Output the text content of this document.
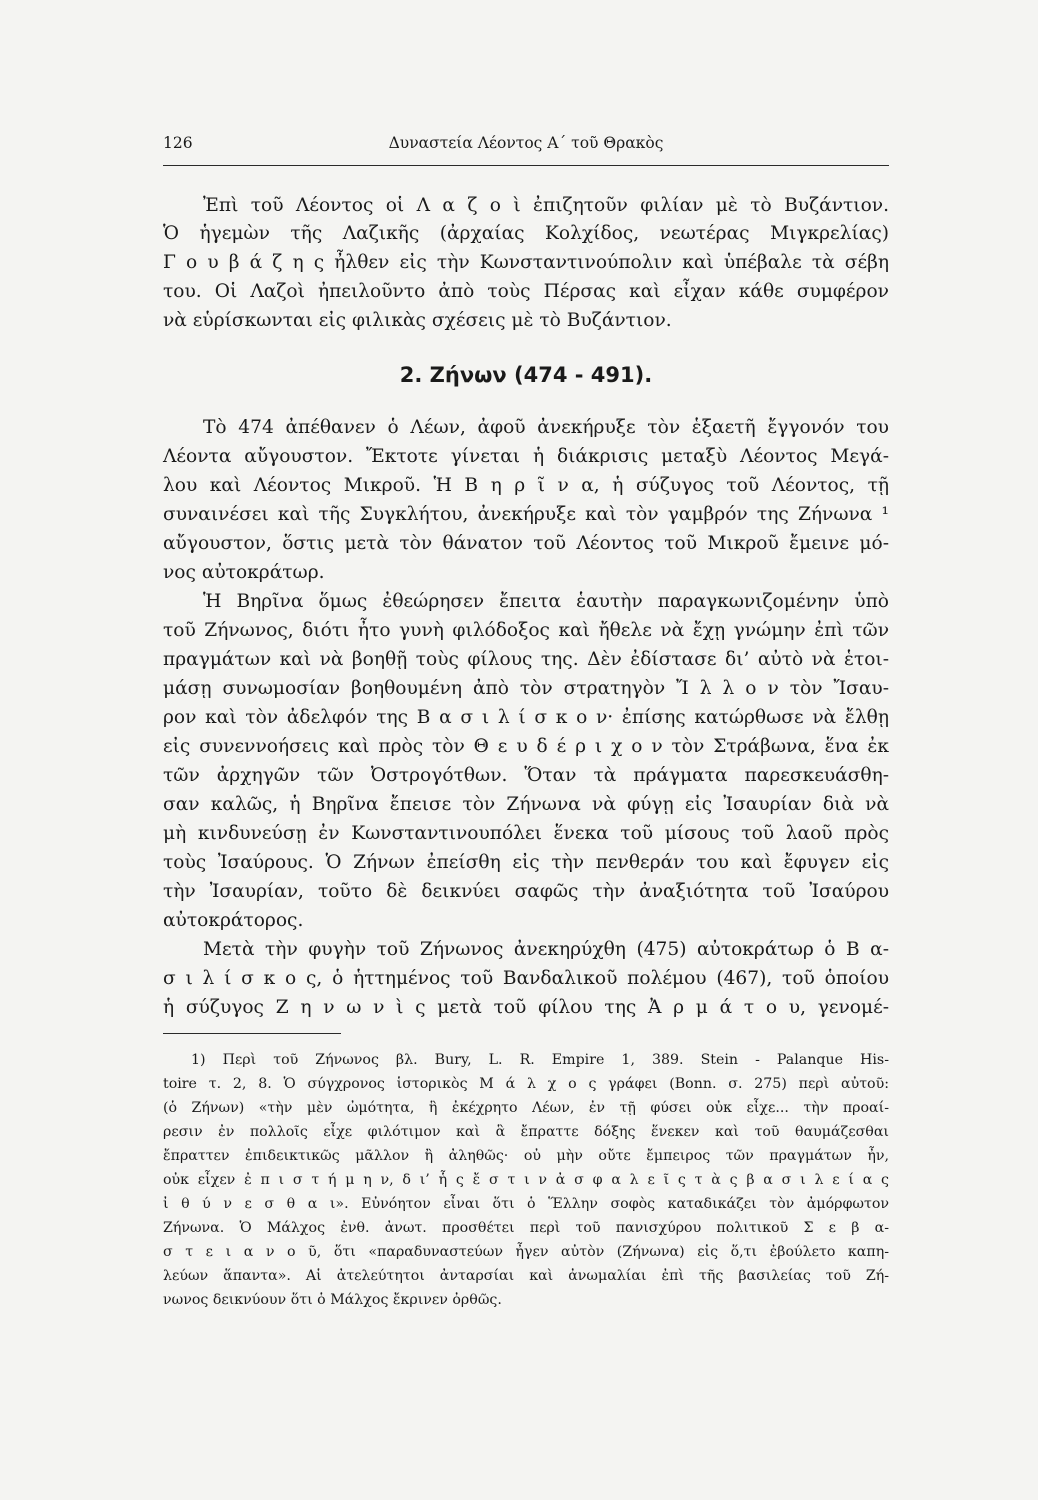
126	Δυναστεία Λέοντος Α΄ τοῦ Θρακὸς
Ἐπὶ τοῦ Λέοντος οἱ Λ α ζ ο ὶ ἐπιζητοῦν φιλίαν μὲ τὸ Βυζάντιον.
Ὁ ἡγεμὼν τῆς Λαζικῆς (ἀρχαίας Κολχίδος, νεωτέρας Μιγκρελίας)
Γ ο υ β ά ζ η ς ἦλθεν εἰς τὴν Κωνσταντινούπολιν καὶ ὑπέβαλε τὰ σέβη
του. Οἱ Λαζοὶ ἠπειλοῦντο ἀπὸ τοὺς Πέρσας καὶ εἶχαν κάθε συμφέρον
νὰ εὑρίσκωνται εἰς φιλικὰς σχέσεις μὲ τὸ Βυζάντιον.
2. Ζήνων (474 - 491).
Τὸ 474 ἀπέθανεν ὁ Λέων, ἀφοῦ ἀνεκήρυξε τὸν ἑξαετῆ ἔγγονόν του
Λέοντα αὔγουστον. Ἔκτοτε γίνεται ἡ διάκρισις μεταξὺ Λέοντος Μεγά-
λου καὶ Λέοντος Μικροῦ. Ἡ Β η ρ ῖ ν α, ἡ σύζυγος τοῦ Λέοντος, τῇ
συναινέσει καὶ τῆς Συγκλήτου, ἀνεκήρυξε καὶ τὸν γαμβρόν της Ζήνωνα ¹
αὔγουστον, ὅστις μετὰ τὸν θάνατον τοῦ Λέοντος τοῦ Μικροῦ ἔμεινε μό-
νος αὐτοκράτωρ.
Ἡ Βηρῖνα ὅμως ἐθεώρησεν ἔπειτα ἑαυτὴν παραγκωνιζομένην ὑπὸ
τοῦ Ζήνωνος, διότι ἦτο γυνὴ φιλόδοξος καὶ ἤθελε νὰ ἔχῃ γνώμην ἐπὶ τῶν
πραγμάτων καὶ νὰ βοηθῇ τοὺς φίλους της. Δὲν ἐδίστασε δι’ αὐτὸ νὰ ἑτοι-
μάσῃ συνωμοσίαν βοηθουμένη ἀπὸ τὸν στρατηγὸν Ἴ λ λ ο ν τὸν Ἴσαυ-
ρον καὶ τὸν ἀδελφόν της Β α σ ι λ ί σ κ ο ν· ἐπίσης κατώρθωσε νὰ ἔλθῃ
εἰς συνεννοήσεις καὶ πρὸς τὸν Θ ε υ δ έ ρ ι χ ο ν τὸν Στράβωνα, ἕνα ἐκ
τῶν ἀρχηγῶν τῶν Ὀστρογότθων. Ὅταν τὰ πράγματα παρεσκευάσθη-
σαν καλῶς, ἡ Βηρῖνα ἔπεισε τὸν Ζήνωνα νὰ φύγῃ εἰς Ἰσαυρίαν διὰ νὰ
μὴ κινδυνεύσῃ ἐν Κωνσταντινουπόλει ἕνεκα τοῦ μίσους τοῦ λαοῦ πρὸς
τοὺς Ἰσαύρους. Ὁ Ζήνων ἐπείσθη εἰς τὴν πενθεράν του καὶ ἔφυγεν εἰς
τὴν Ἰσαυρίαν, τοῦτο δὲ δεικνύει σαφῶς τὴν ἀναξιότητα τοῦ Ἰσαύρου
αὐτοκράτορος.
Μετὰ τὴν φυγὴν τοῦ Ζήνωνος ἀνεκηρύχθη (475) αὐτοκράτωρ ὁ Β α-
σ ι λ ί σ κ ο ς, ὁ ἡττημένος τοῦ Βανδαλικοῦ πολέμου (467), τοῦ ὁποίου
ἡ σύζυγος Ζ η ν ω ν ὶ ς μετὰ τοῦ φίλου της Ἀ ρ μ ά τ ο υ, γενομέ-
1) Περὶ τοῦ Ζήνωνος βλ. Bury, L. R. Empire 1, 389. Stein - Palanque His-
toire τ. 2, 8. Ὁ σύγχρονος ἱστορικὸς Μ ά λ χ ο ς γράφει (Bonn. σ. 275) περὶ αὐτοῦ:
(ὁ Ζήνων) «τὴν μὲν ὠμότητα, ἣ ἐκέχρητο Λέων, ἐν τῇ φύσει οὐκ εἶχε... τὴν προαί-
ρεσιν ἐν πολλοῖς εἶχε φιλότιμον καὶ ἃ ἔπραττε δόξης ἕνεκεν καὶ τοῦ θαυμάζεσθαι
ἔπραττεν ἐπιδεικτικῶς μᾶλλον ἢ ἀληθῶς· οὐ μὴν οὔτε ἔμπειρος τῶν πραγμάτων ἦν,
οὐκ εἶχεν ἐ π ι σ τ ή μ η ν, δ ι’ ἧ ς ἔ σ τ ι ν ἀ σ φ α λ ε ῖ ς τ ὰ ς β α σ ι λ ε ί α ς
ἰ θ ύ ν ε σ θ α ι». Εὐνόητον εἶναι ὅτι ὁ Ἕλλην σοφὸς καταδικάζει τὸν ἀμόρφωτον
Ζήνωνα. Ὁ Μάλχος ἐνθ. ἀνωτ. προσθέτει περὶ τοῦ πανισχύρου πολιτικοῦ Σ ε β α-
σ τ ε ι α ν ο ῦ, ὅτι «παραδυναστεύων ἦγεν αὐτὸν (Ζήνωνα) εἰς ὅ,τι ἐβούλετο καπη-
λεύων ἅπαντα». Αἱ ἀτελεύτητοι ἀνταρσίαι καὶ ἀνωμαλίαι ἐπὶ τῆς βασιλείας τοῦ Ζή-
νωνος δεικνύουν ὅτι ὁ Μάλχος ἔκρινεν ὀρθῶς.
